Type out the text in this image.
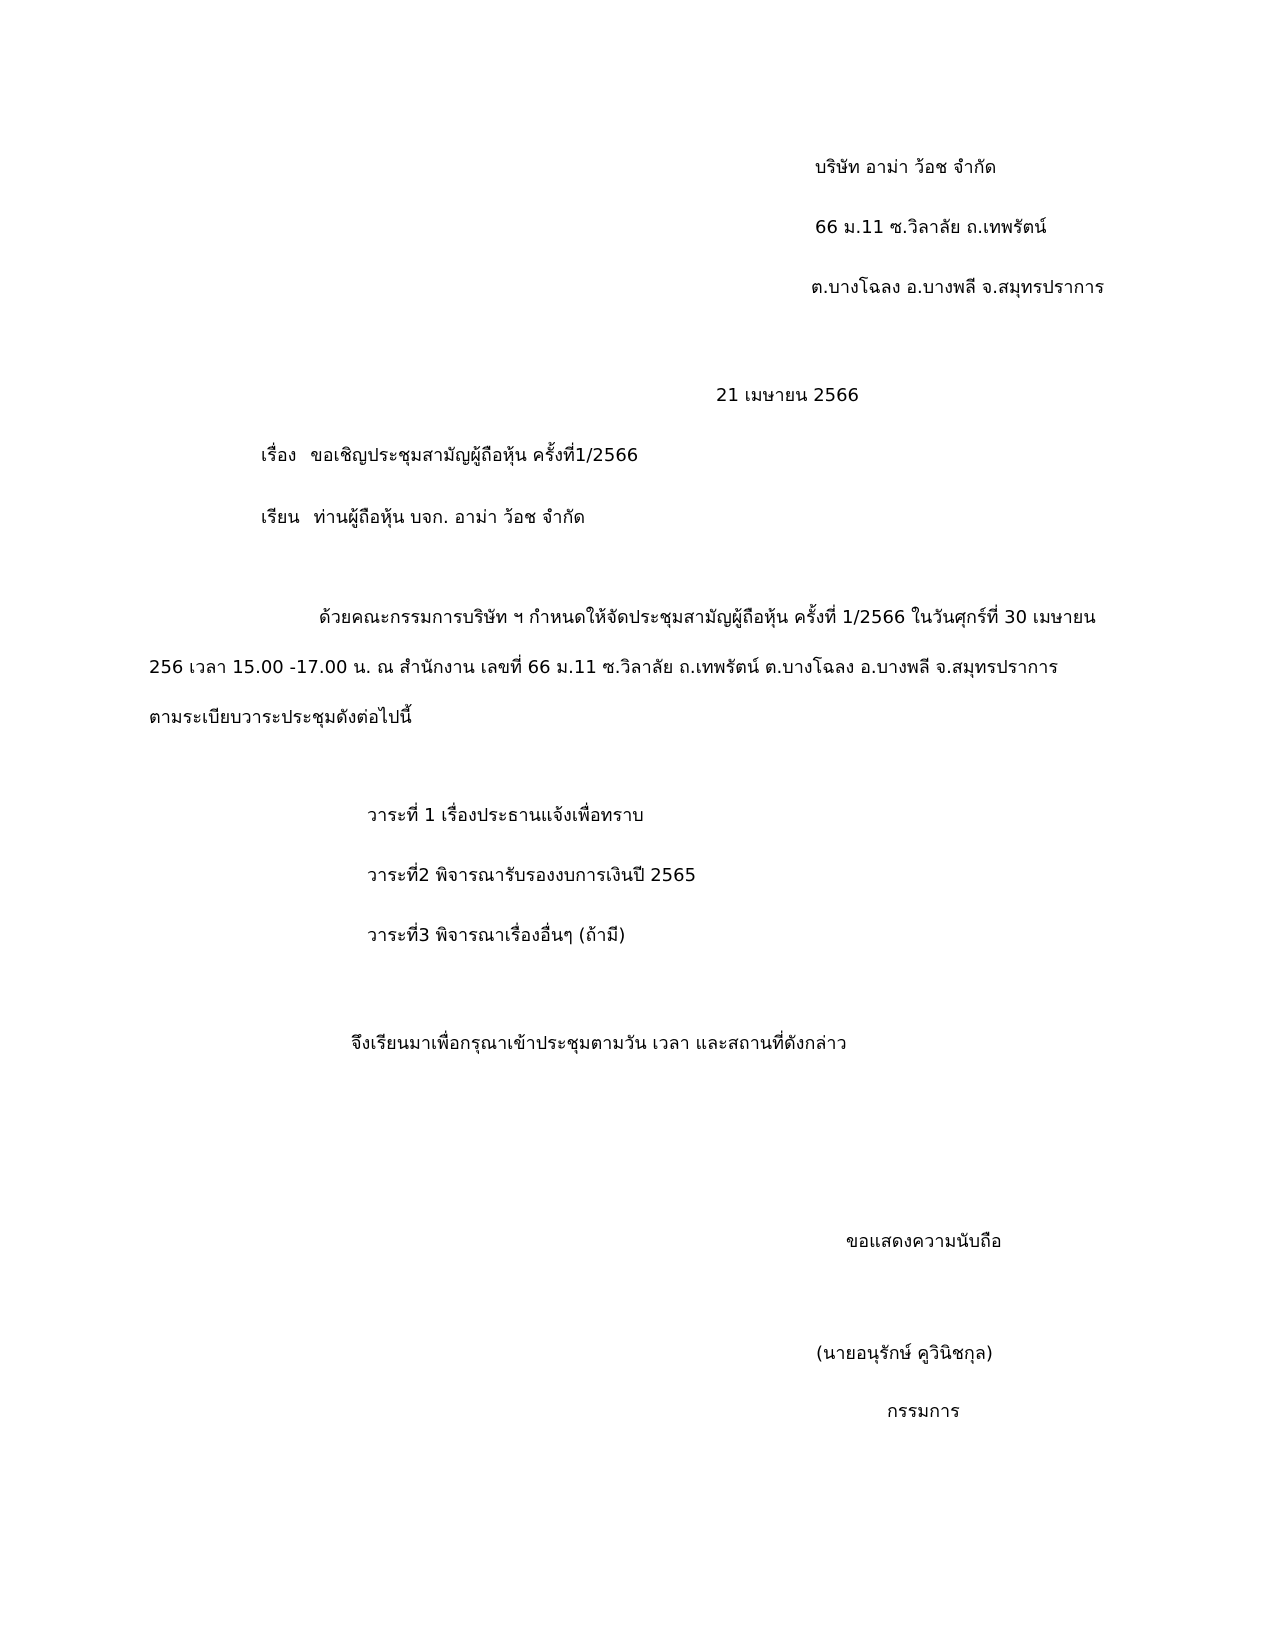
บริษัท อาม่า ว้อช จำกัด
66 ม.11 ซ.วิลาลัย ถ.เทพรัตน์
ต.บางโฉลง อ.บางพลี จ.สมุทรปราการ
21 เมษายน 2566
เรื่อง ขอเชิญประชุมสามัญผู้ถือหุ้น ครั้งที่1/2566
เรียน ท่านผู้ถือหุ้น บจก. อาม่า ว้อช จำกัด
ด้วยคณะกรรมการบริษัท ฯ กำหนดให้จัดประชุมสามัญผู้ถือหุ้น ครั้งที่ 1/2566 ในวันศุกร์ที่ 30 เมษายน
256 เวลา 15.00 -17.00 น. ณ สำนักงาน เลขที่ 66 ม.11 ซ.วิลาลัย ถ.เทพรัตน์ ต.บางโฉลง อ.บางพลี จ.สมุทรปราการ
ตามระเบียบวาระประชุมดังต่อไปนี้
วาระที่ 1 เรื่องประธานแจ้งเพื่อทราบ
วาระที่2 พิจารณารับรองงบการเงินปี 2565
วาระที่3 พิจารณาเรื่องอื่นๆ (ถ้ามี)
จึงเรียนมาเพื่อกรุณาเข้าประชุมตามวัน เวลา และสถานที่ดังกล่าว
ขอแสดงความนับถือ
(นายอนุรักษ์ คูวินิชกุล)
กรรมการ
